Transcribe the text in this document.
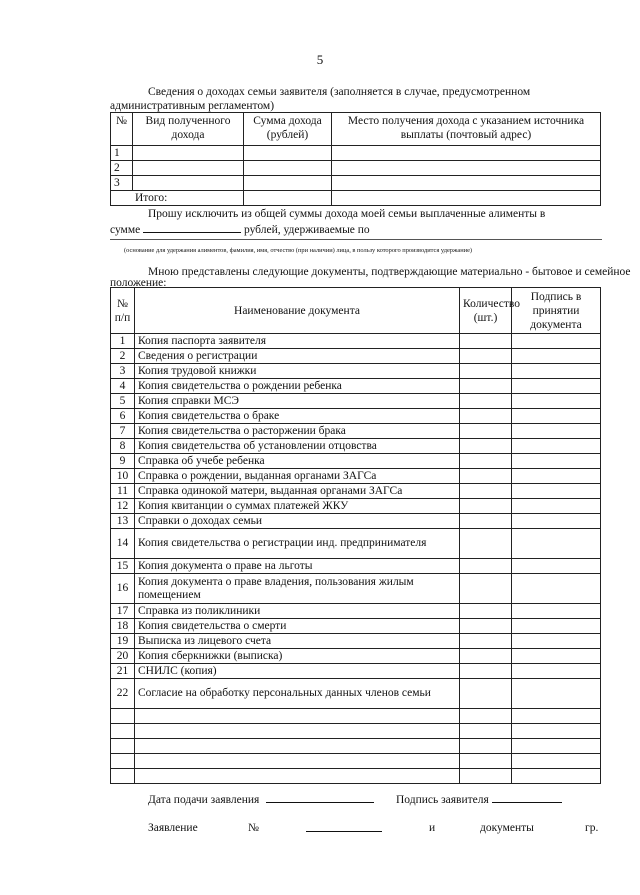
5
Сведения о доходах семьи заявителя (заполняется в случае, предусмотренном
административным регламентом)
№	Вид полученного дохода	Сумма дохода (рублей)	Место получения дохода с указанием источника выплаты (почтовый адрес)
1			
2			
3			
Итого:			
Прошу исключить из общей суммы дохода моей семьи выплаченные алименты в
сумме	рублей, удерживаемые по
(основание для удержания алиментов, фамилия, имя, отчество (при наличии) лица, в пользу которого производится удержание)
Мною представлены следующие документы, подтверждающие материально - бытовое и семейное
положение:
№ п/п	Наименование документа	Количество (шт.)	Подпись в принятии документа
1	Копия паспорта заявителя		
2	Сведения о регистрации		
3	Копия трудовой книжки		
4	Копия свидетельства о рождении ребенка		
5	Копия справки МСЭ		
6	Копия свидетельства о браке		
7	Копия свидетельства о расторжении брака		
8	Копия свидетельства об установлении отцовства		
9	Справка об учебе ребенка		
10	Справка о рождении, выданная органами ЗАГСа		
11	Справка одинокой матери, выданная органами ЗАГСа		
12	Копия квитанции о суммах платежей ЖКУ		
13	Справки о доходах семьи		
14	Копия свидетельства о регистрации инд. предпринимателя		
15	Копия документа о праве на льготы		
16	Копия документа о праве владения, пользования жилым помещением		
17	Справка из поликлиники		
18	Копия свидетельства о смерти		
19	Выписка из лицевого счета		
20	Копия сберкнижки (выписка)		
21	СНИЛС (копия)		
22	Согласие на обработку персональных данных членов семьи		

Дата подачи заявления	Подпись заявителя
Заявление	№	и	документы	гр.
